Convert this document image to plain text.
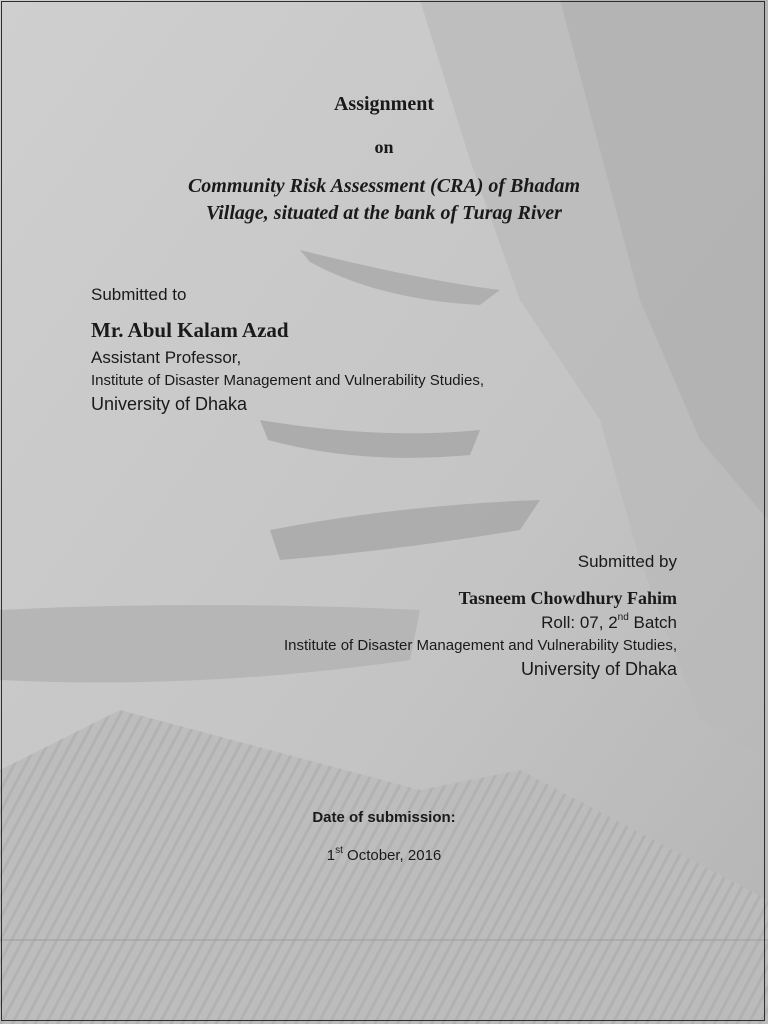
Assignment
on
Community Risk Assessment (CRA) of Bhadam
Village, situated at the bank of Turag River
Submitted to
Mr. Abul Kalam Azad
Assistant Professor,
Institute of Disaster Management and Vulnerability Studies,
University of Dhaka
Submitted by
Tasneem Chowdhury Fahim
Roll: 07, 2nd Batch
Institute of Disaster Management and Vulnerability Studies,
University of Dhaka
Date of submission:
1st October, 2016
